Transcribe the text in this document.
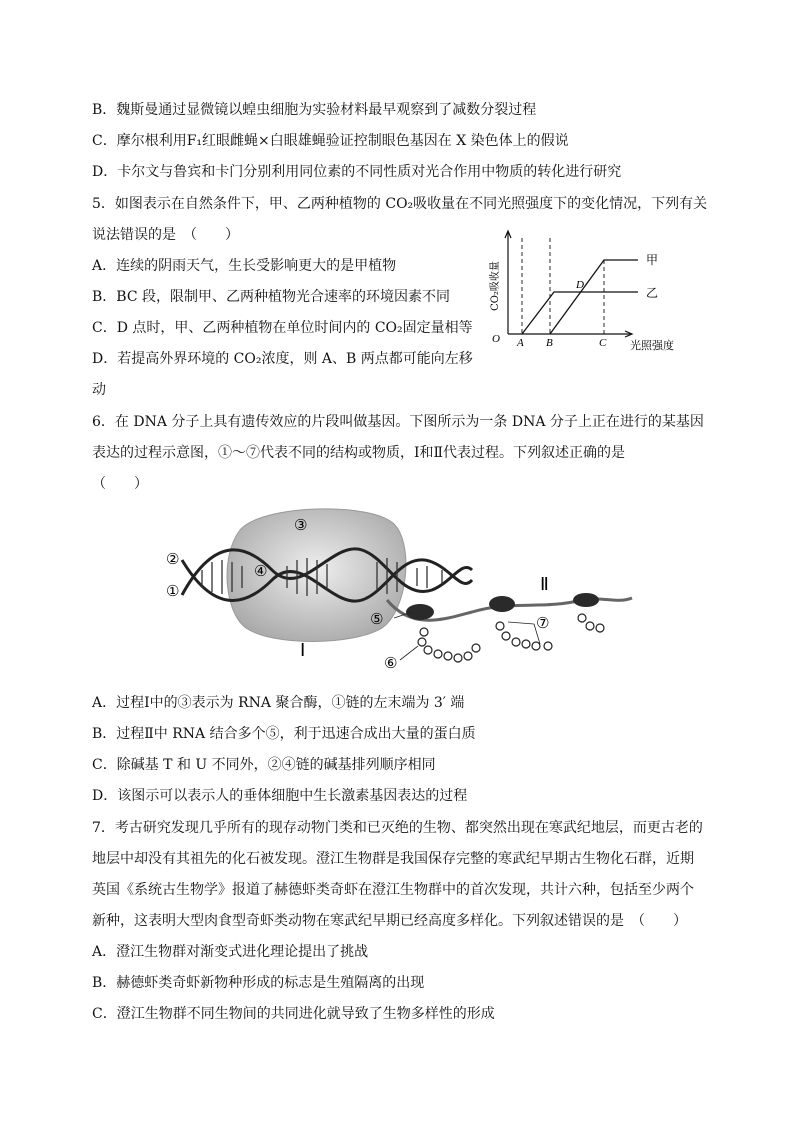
B．魏斯曼通过显微镜以蝗虫细胞为实验材料最早观察到了减数分裂过程
C．摩尔根利用F₁红眼雌蝇×白眼雄蝇验证控制眼色基因在 X 染色体上的假说
D．卡尔文与鲁宾和卡门分别利用同位素的不同性质对光合作用中物质的转化进行研究
5．如图表示在自然条件下，甲、乙两种植物的 CO₂吸收量在不同光照强度下的变化情况，下列有关
说法错误的是　（　　）
A．连续的阴雨天气，生长受影响更大的是甲植物
B．BC 段，限制甲、乙两种植物光合速率的环境因素不同
C．D 点时，甲、乙两种植物在单位时间内的 CO₂固定量相等
D．若提高外界环境的 CO₂浓度，则 A、B 两点都可能向左移
动
CO₂吸收量
光照强度
O A B	C
D
甲
乙
6．在 DNA 分子上具有遗传效应的片段叫做基因。下图所示为一条 DNA 分子上正在进行的某基因
表达的过程示意图，①～⑦代表不同的结构或物质，Ⅰ和Ⅱ代表过程。下列叙述正确的是
（　　）
①
②
③
④
⑤
⑥
⑦
Ⅰ
Ⅱ
A．过程Ⅰ中的③表示为 RNA 聚合酶，①链的左末端为 3′ 端
B．过程Ⅱ中 RNA 结合多个⑤，利于迅速合成出大量的蛋白质
C．除碱基 T 和 U 不同外，②④链的碱基排列顺序相同
D．该图示可以表示人的垂体细胞中生长激素基因表达的过程
7．考古研究发现几乎所有的现存动物门类和已灭绝的生物、都突然出现在寒武纪地层，而更古老的
地层中却没有其祖先的化石被发现。澄江生物群是我国保存完整的寒武纪早期古生物化石群，近期
英国《系统古生物学》报道了赫德虾类奇虾在澄江生物群中的首次发现，共计六种，包括至少两个
新种，这表明大型肉食型奇虾类动物在寒武纪早期已经高度多样化。下列叙述错误的是　（　　）
A．澄江生物群对渐变式进化理论提出了挑战
B．赫德虾类奇虾新物种形成的标志是生殖隔离的出现
C．澄江生物群不同生物间的共同进化就导致了生物多样性的形成
